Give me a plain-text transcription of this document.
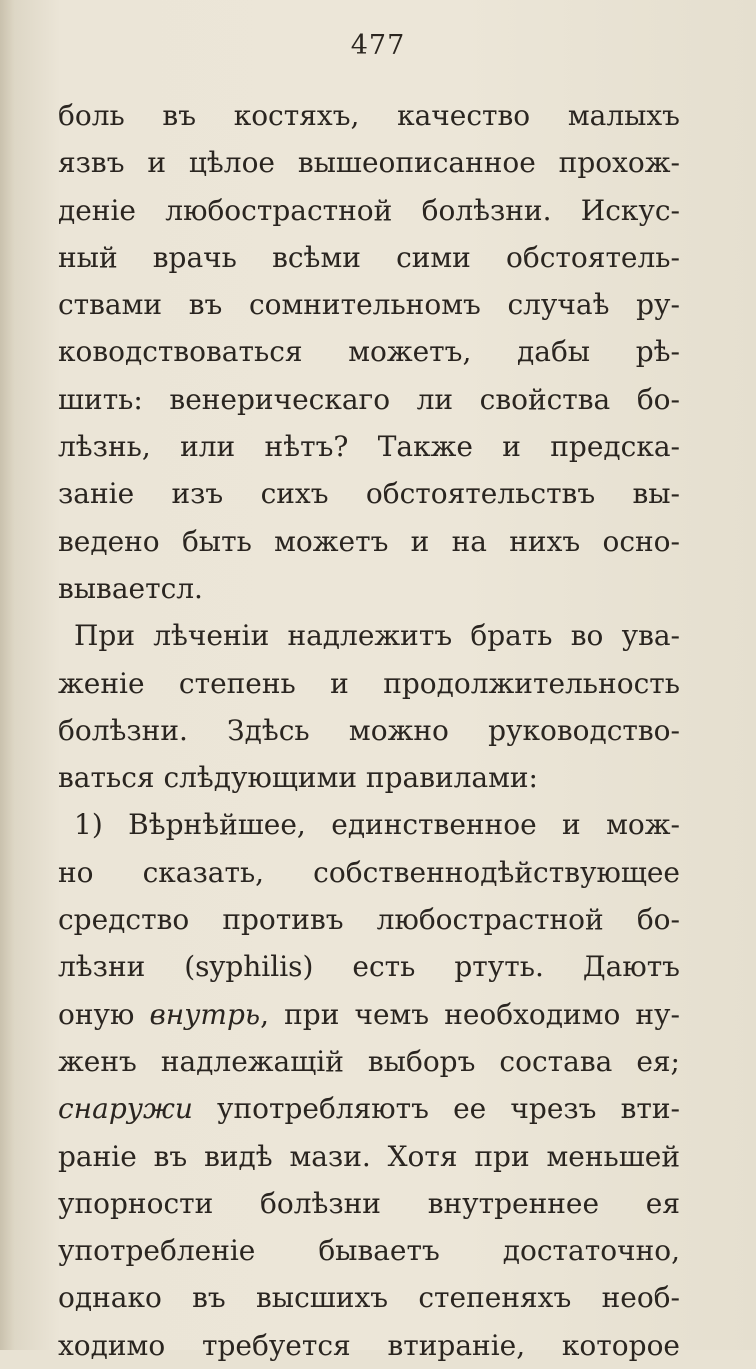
477
боль въ костяхъ, качество малыхъ
язвъ и цѣлое вышеописанное прохож-
деніе любострастной болѣзни. Искус-
ный врачь всѣми сими обстоятель-
ствами въ сомнительномъ случаѣ ру-
ководствоваться можетъ, дабы рѣ-
шить: венерическаго ли свойства бо-
лѣзнь, или нѣтъ? Также и предска-
заніе изъ сихъ обстоятельствъ вы-
ведено быть можетъ и на нихъ осно-
вываетсл.
При лѣченіи надлежитъ брать во ува-
женіе степень и продолжительность
болѣзни. Здѣсь можно руководство-
ваться слѣдующими правилами:
1) Вѣрнѣйшее, единственное и мож-
но сказать, собственнодѣйствующее
средство противъ любострастной бо-
лѣзни (syphilis) есть ртуть. Даютъ
оную внутрь, при чемъ необходимо ну-
женъ надлежащій выборъ состава ея;
снаружи употребляютъ ее чрезъ вти-
раніе въ видѣ мази. Хотя при меньшей
упорности болѣзни внутреннее ея
употребленіе бываетъ достаточно,
однако въ высшихъ степеняхъ необ-
ходимо требуется втираніе, которое
